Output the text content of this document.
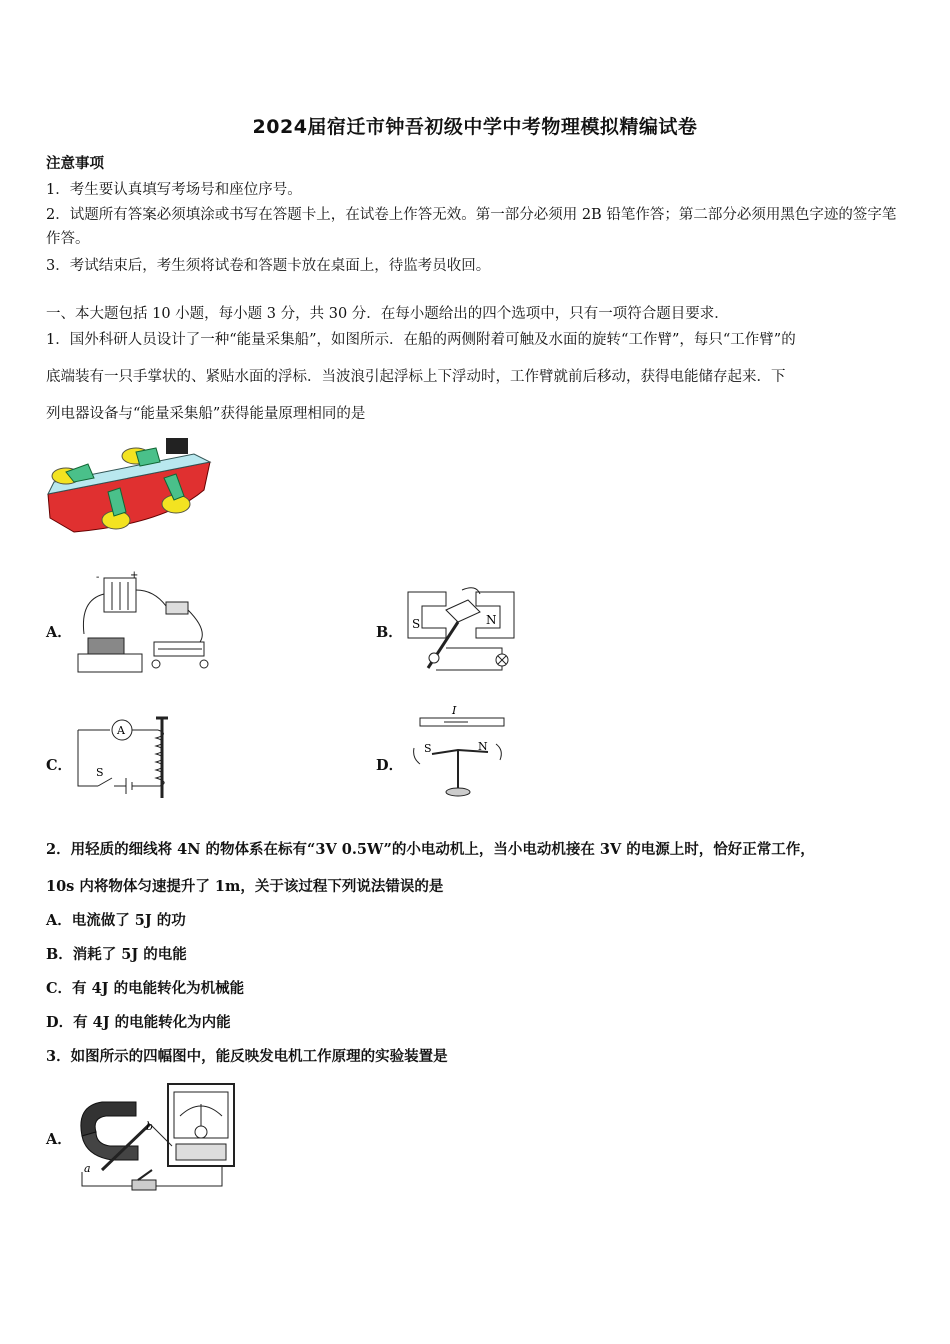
2024届宿迁市钟吾初级中学中考物理模拟精编试卷
注意事项
1．考生要认真填写考场号和座位序号。
2．试题所有答案必须填涂或书写在答题卡上，在试卷上作答无效。第一部分必须用 2B 铅笔作答；第二部分必须用黑色字迹的签字笔作答。
3．考试结束后，考生须将试卷和答题卡放在桌面上，待监考员收回。
一、本大题包括 10 小题，每小题 3 分，共 30 分．在每小题给出的四个选项中，只有一项符合题目要求．
1．国外科研人员设计了一种“能量采集船”，如图所示．在船的两侧附着可触及水面的旋转“工作臂”，每只“工作臂”的
底端装有一只手掌状的、紧贴水面的浮标．当波浪引起浮标上下浮动时，工作臂就前后移动，获得电能储存起来．下
列电器设备与“能量采集船”获得能量原理相同的是
A．
+
-
B． S	N
C．
A
S	D．
I
S	N
2．用轻质的细线将 4N 的物体系在标有“3V 0.5W”的小电动机上，当小电动机接在 3V 的电源上时，恰好正常工作，
10s 内将物体匀速提升了 1m，关于该过程下列说法错误的是
A．电流做了 5J 的功
B．消耗了 5J 的电能
C．有 4J 的电能转化为机械能
D．有 4J 的电能转化为内能
3．如图所示的四幅图中，能反映发电机工作原理的实验装置是
A．
b
a
